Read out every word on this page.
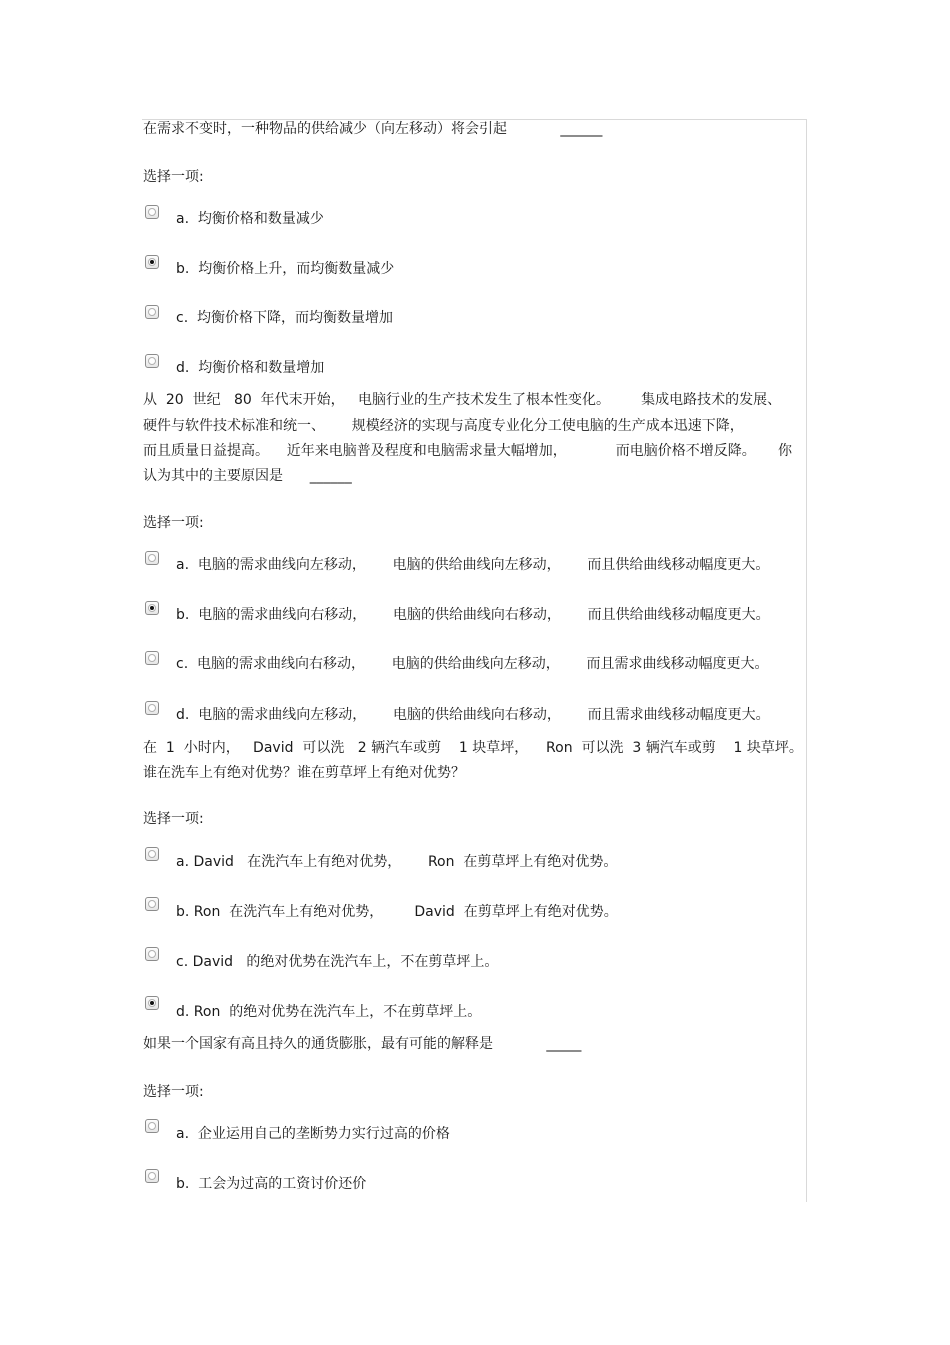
在需求不变时，一种物品的供给减少（向左移动）将会引起            ______
选择一项:
a.  均衡价格和数量减少
b.  均衡价格上升，而均衡数量减少
c.  均衡价格下降，而均衡数量增加
d.  均衡价格和数量增加
从  20  世纪   80  年代末开始，   电脑行业的生产技术发生了根本性变化。       集成电路技术的发展、
硬件与软件技术标准和统一、      规模经济的实现与高度专业化分工使电脑的生产成本迅速下降，
而且质量日益提高。    近年来电脑普及程度和电脑需求量大幅增加，           而电脑价格不增反降。     你
认为其中的主要原因是      ______
选择一项:
a.  电脑的需求曲线向左移动，      电脑的供给曲线向左移动，      而且供给曲线移动幅度更大。
b.  电脑的需求曲线向右移动，      电脑的供给曲线向右移动，      而且供给曲线移动幅度更大。
c.  电脑的需求曲线向右移动，      电脑的供给曲线向左移动，      而且需求曲线移动幅度更大。
d.  电脑的需求曲线向左移动，      电脑的供给曲线向右移动，      而且需求曲线移动幅度更大。
在  1  小时内，   David  可以洗   2 辆汽车或剪    1 块草坪，    Ron  可以洗  3 辆汽车或剪    1 块草坪。
谁在洗车上有绝对优势？谁在剪草坪上有绝对优势？
选择一项:
a. David   在洗汽车上有绝对优势，      Ron  在剪草坪上有绝对优势。
b. Ron  在洗汽车上有绝对优势，       David  在剪草坪上有绝对优势。
c. David   的绝对优势在洗汽车上，不在剪草坪上。
d. Ron  的绝对优势在洗汽车上，不在剪草坪上。
如果一个国家有高且持久的通货膨胀，最有可能的解释是            _____
选择一项:
a.  企业运用自己的垄断势力实行过高的价格
b.  工会为过高的工资讨价还价
